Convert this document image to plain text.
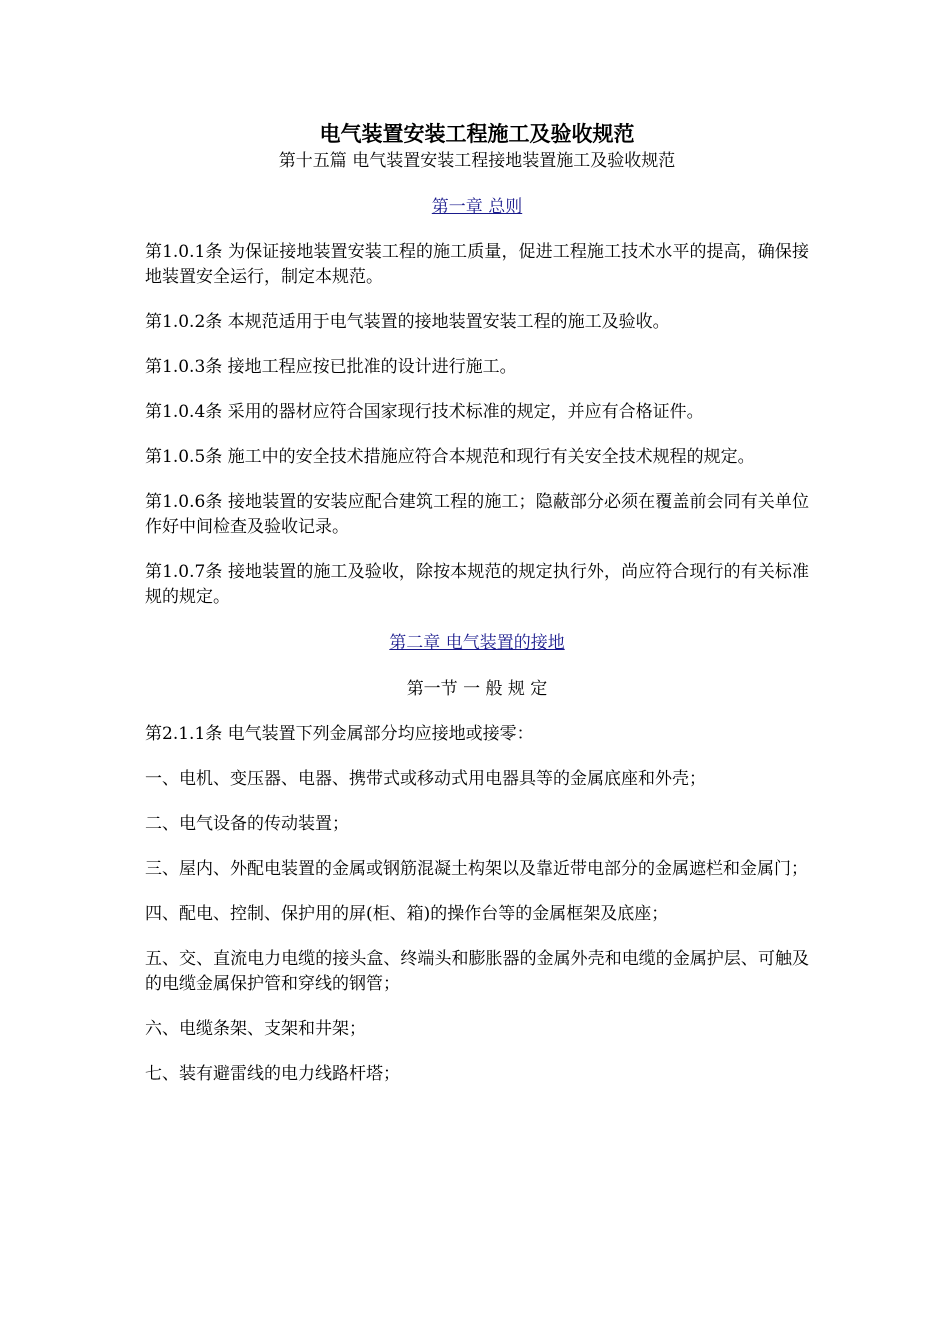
电气装置安装工程施工及验收规范

第十五篇 电气装置安装工程接地装置施工及验收规范

第一章 总则

第1.0.1条 为保证接地装置安装工程的施工质量，促进工程施工技术水平的提高，确保接地装置安全运行，制定本规范。

第1.0.2条 本规范适用于电气装置的接地装置安装工程的施工及验收。

第1.0.3条 接地工程应按已批准的设计进行施工。

第1.0.4条 采用的器材应符合国家现行技术标准的规定，并应有合格证件。

第1.0.5条 施工中的安全技术措施应符合本规范和现行有关安全技术规程的规定。

第1.0.6条 接地装置的安装应配合建筑工程的施工；隐蔽部分必须在覆盖前会同有关单位作好中间检查及验收记录。

第1.0.7条 接地装置的施工及验收，除按本规范的规定执行外，尚应符合现行的有关标准规的规定。

第二章 电气装置的接地

第一节 一 般 规 定

第2.1.1条 电气装置下列金属部分均应接地或接零：

一、电机、变压器、电器、携带式或移动式用电器具等的金属底座和外壳；

二、电气设备的传动装置；

三、屋内、外配电装置的金属或钢筋混凝土构架以及靠近带电部分的金属遮栏和金属门；

四、配电、控制、保护用的屏(柜、箱)的操作台等的金属框架及底座；

五、交、直流电力电缆的接头盒、终端头和膨胀器的金属外壳和电缆的金属护层、可触及的电缆金属保护管和穿线的钢管；

六、电缆条架、支架和井架；

七、装有避雷线的电力线路杆塔；
